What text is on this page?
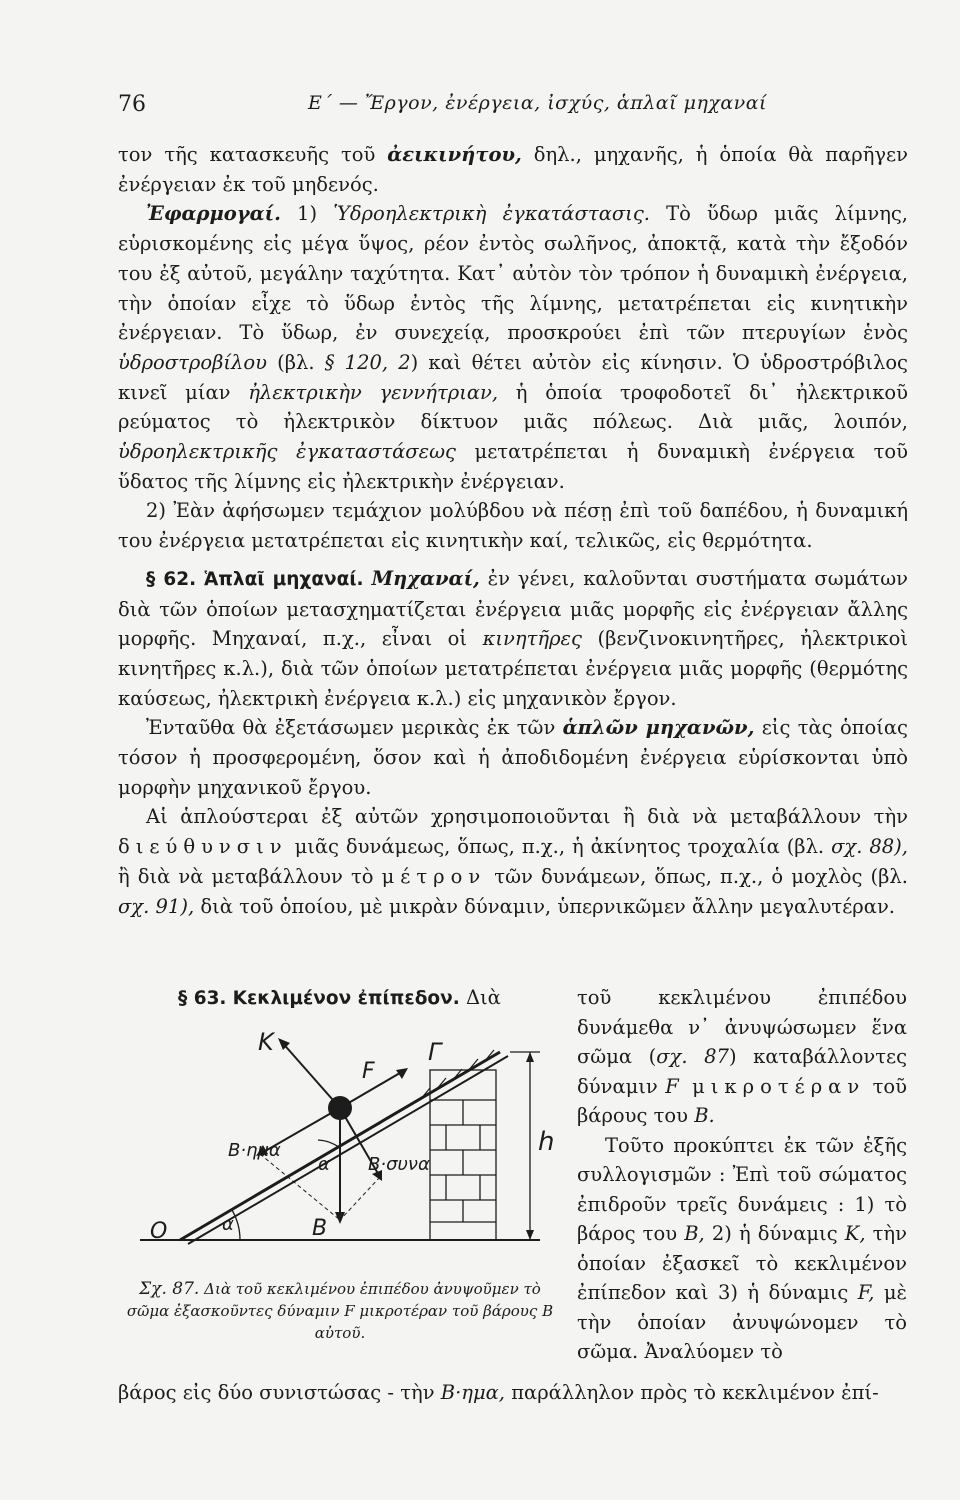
76	Ε΄ — Ἔργον, ἐνέργεια, ἰσχύς, ἁπλαῖ μηχαναί

τον τῆς κατασκευῆς τοῦ ἀεικινήτου, δηλ., μηχανῆς, ἡ ὁποία θὰ παρῆγεν ἐνέργειαν ἐκ τοῦ μηδενός.

Ἐφαρμογαί. 1) Ὑδροηλεκτρικὴ ἐγκατάστασις. Τὸ ὕδωρ μιᾶς λίμνης, εὑρισκομένης εἰς μέγα ὕψος, ρέον ἐντὸς σωλῆνος, ἀποκτᾷ, κατὰ τὴν ἔξοδόν του ἐξ αὐτοῦ, μεγάλην ταχύτητα. Κατ᾽ αὐτὸν τὸν τρόπον ἡ δυναμικὴ ἐνέργεια, τὴν ὁποίαν εἶχε τὸ ὕδωρ ἐντὸς τῆς λίμνης, μετατρέπεται εἰς κινητικὴν ἐνέργειαν. Τὸ ὕδωρ, ἐν συνεχείᾳ, προσκρούει ἐπὶ τῶν πτερυγίων ἑνὸς ὑδροστροβίλου (βλ. § 120, 2) καὶ θέτει αὐτὸν εἰς κίνησιν. Ὁ ὑδροστρόβιλος κινεῖ μίαν ἠλεκτρικὴν γεννήτριαν, ἡ ὁποία τροφοδοτεῖ δι᾽ ἠλεκτρικοῦ ρεύματος τὸ ἠλεκτρικὸν δίκτυον μιᾶς πόλεως. Διὰ μιᾶς, λοιπόν, ὑδροηλεκτρικῆς ἐγκαταστάσεως μετατρέπεται ἡ δυναμικὴ ἐνέργεια τοῦ ὕδατος τῆς λίμνης εἰς ἠλεκτρικὴν ἐνέργειαν.

2) Ἐὰν ἀφήσωμεν τεμάχιον μολύβδου νὰ πέσῃ ἐπὶ τοῦ δαπέδου, ἡ δυναμική του ἐνέργεια μετατρέπεται εἰς κινητικὴν καί, τελικῶς, εἰς θερμότητα.

§ 62. Ἁπλαῖ μηχαναί. Μηχαναί, ἐν γένει, καλοῦνται συστήματα σωμάτων διὰ τῶν ὁποίων μετασχηματίζεται ἐνέργεια μιᾶς μορφῆς εἰς ἐνέργειαν ἄλλης μορφῆς. Μηχαναί, π.χ., εἶναι οἱ κινητῆρες (βενζινοκινητῆρες, ἠλεκτρικοὶ κινητῆρες κ.λ.), διὰ τῶν ὁποίων μετατρέπεται ἐνέργεια μιᾶς μορφῆς (θερμότης καύσεως, ἠλεκτρικὴ ἐνέργεια κ.λ.) εἰς μηχανικὸν ἔργον.

Ἐνταῦθα θὰ ἐξετάσωμεν μερικὰς ἐκ τῶν ἁπλῶν μηχανῶν, εἰς τὰς ὁποίας τόσον ἡ προσφερομένη, ὅσον καὶ ἡ ἀποδιδομένη ἐνέργεια εὑρίσκονται ὑπὸ μορφὴν μηχανικοῦ ἔργου.

Αἱ ἁπλούστεραι ἐξ αὐτῶν χρησιμοποιοῦνται ἢ διὰ νὰ μεταβάλλουν τὴν διεύθυνσιν μιᾶς δυνάμεως, ὅπως, π.χ., ἡ ἀκίνητος τροχαλία (βλ. σχ. 88), ἢ διὰ νὰ μεταβάλλουν τὸ μέτρον τῶν δυνάμεων, ὅπως, π.χ., ὁ μοχλὸς (βλ. σχ. 91), διὰ τοῦ ὁποίου, μὲ μικρὰν δύναμιν, ὑπερνικῶμεν ἄλλην μεγαλυτέραν.

§ 63. Κεκλιμένον ἐπίπεδον. Διὰ	τοῦ κεκλιμένου ἐπιπέδου δυνάμεθα ν᾽ ἀνυψώσωμεν ἕνα σῶμα (σχ. 87) καταβάλλοντες δύναμιν F μικροτέραν τοῦ βάρους του B.

Τοῦτο προκύπτει ἐκ τῶν ἑξῆς συλλογισμῶν : Ἐπὶ τοῦ σώματος ἐπιδροῦν τρεῖς δυνάμεις : 1) τὸ βάρος του B, 2) ἡ δύναμις K, τὴν ὁποίαν ἐξασκεῖ τὸ κεκλιμένον ἐπίπεδον καὶ 3) ἡ δύναμις F, μὲ τὴν ὁποίαν ἀνυψώνομεν τὸ σῶμα. Ἀναλύομεν τὸ

K	Γ
F
B·ημα
B·συνα
α
α	B
O
h
Σχ. 87. Διὰ τοῦ κεκλιμένου ἐπιπέδου ἀνυψοῦμεν τὸ σῶμα ἐξασκοῦντες δύναμιν F μικροτέραν τοῦ βάρους B αὐτοῦ.
βάρος εἰς δύο συνιστώσας - τὴν B·ημα, παράλληλον πρὸς τὸ κεκλιμένον ἐπί-
